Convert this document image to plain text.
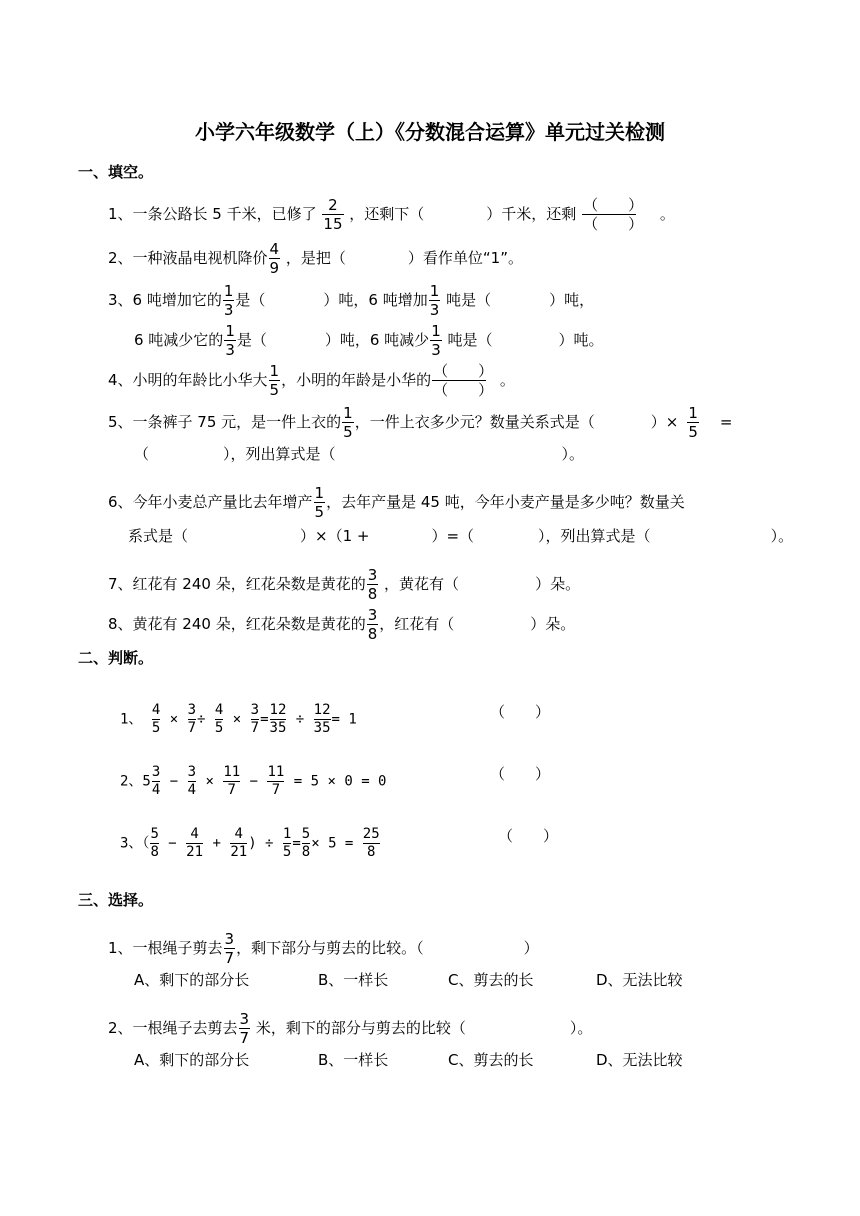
小学六年级数学（上）《分数混合运算》单元过关检测
一、填空。
1、一条公路长 5 千米，已修了 $\frac{2}{15}$ ，还剩下（	）千米，还剩 $\frac{( )}{( )}$ 。
2、一种液晶电视机降价 $\frac{4}{9}$ ，是把（	）看作单位“1”。
3、6 吨增加它的 $\frac{1}{3}$ 是（	）吨，6 吨增加 $\frac{1}{3}$ 吨是（	）吨，
6 吨减少它的 $\frac{1}{3}$ 是（	）吨，6 吨减少 $\frac{1}{3}$ 吨是（	）吨。
4、小明的年龄比小华大 $\frac{1}{5}$ ，小明的年龄是小华的 $\frac{( )}{( )}$ 。
5、一条裤子 75 元，是一件上衣的 $\frac{1}{5}$ ，一件上衣多少元？数量关系式是（	）× $\frac{1}{5}$ =
（	），列出算式是（	）。
6、今年小麦总产量比去年增产 $\frac{1}{5}$ ，去年产量是 45 吨，今年小麦产量是多少吨？数量关
系式是（	）×（1 +	）=（	），列出算式是（	）。
7、红花有 240 朵，红花朵数是黄花的 $\frac{3}{8}$ ，黄花有（	）朵。
8、黄花有 240 朵，红花朵数是黄花的 $\frac{3}{8}$ ，红花有（	）朵。
二、判断。
1、 $\frac{4}{5} \times \frac{3}{7} \div \frac{4}{5} \times \frac{3}{7} = \frac{12}{35} \div \frac{12}{35} = 1$	（　　）
2、$5 \frac{3}{4} - \frac{3}{4} \times \frac{11}{7} - \frac{11}{7} = 5 \times 0 = 0$	（　　）
3、（ $\frac{5}{8} - \frac{4}{21} + \frac{4}{21}$ ) ÷ $\frac{1}{5} = \frac{5}{8} \times 5 = \frac{25}{8}$	（　　）
三、选择。
1、一根绳子剪去 $\frac{3}{7}$ ，剩下部分与剪去的比较。（	）
A、剩下的部分长	B、一样长	C、剪去的长	D、无法比较
2、一根绳子去剪去 $\frac{3}{7}$ 米，剩下的部分与剪去的比较（	）。
A、剩下的部分长	B、一样长	C、剪去的长	D、无法比较
